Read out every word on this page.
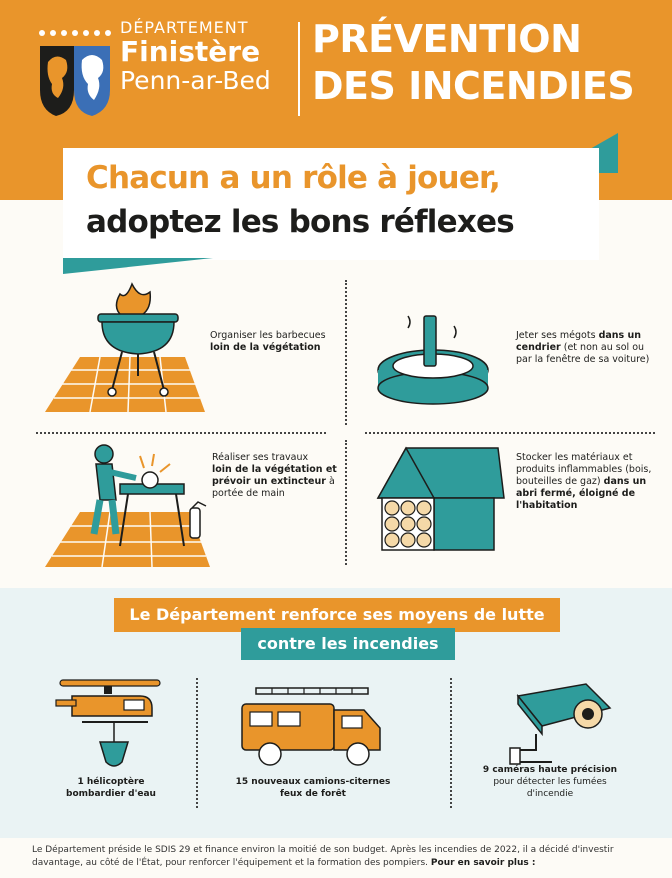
DÉPARTEMENT
Finistère
Penn-ar-Bed
PRÉVENTION
DES INCENDIES
Chacun a un rôle à jouer,
adoptez les bons réflexes
Organiser les barbecues
loin de la végétation
Jeter ses mégots dans un cendrier (et non au sol ou par la fenêtre de sa voiture)
Réaliser ses travaux
loin de la végétation et prévoir un extincteur à portée de main
Stocker les matériaux et produits inflammables (bois, bouteilles de gaz) dans un abri fermé, éloigné de l'habitation
Le Département renforce ses moyens de lutte
contre les incendies
1 hélicoptère bombardier d'eau
15 nouveaux camions-citernes feux de forêt
9 caméras haute précision
pour détecter les fumées d'incendie
Le Département préside le SDIS 29 et finance environ la moitié de son budget. Après les incendies de 2022, il a décidé d'investir davantage, au côté de l'État, pour renforcer l'équipement et la formation des pompiers. Pour en savoir plus :
